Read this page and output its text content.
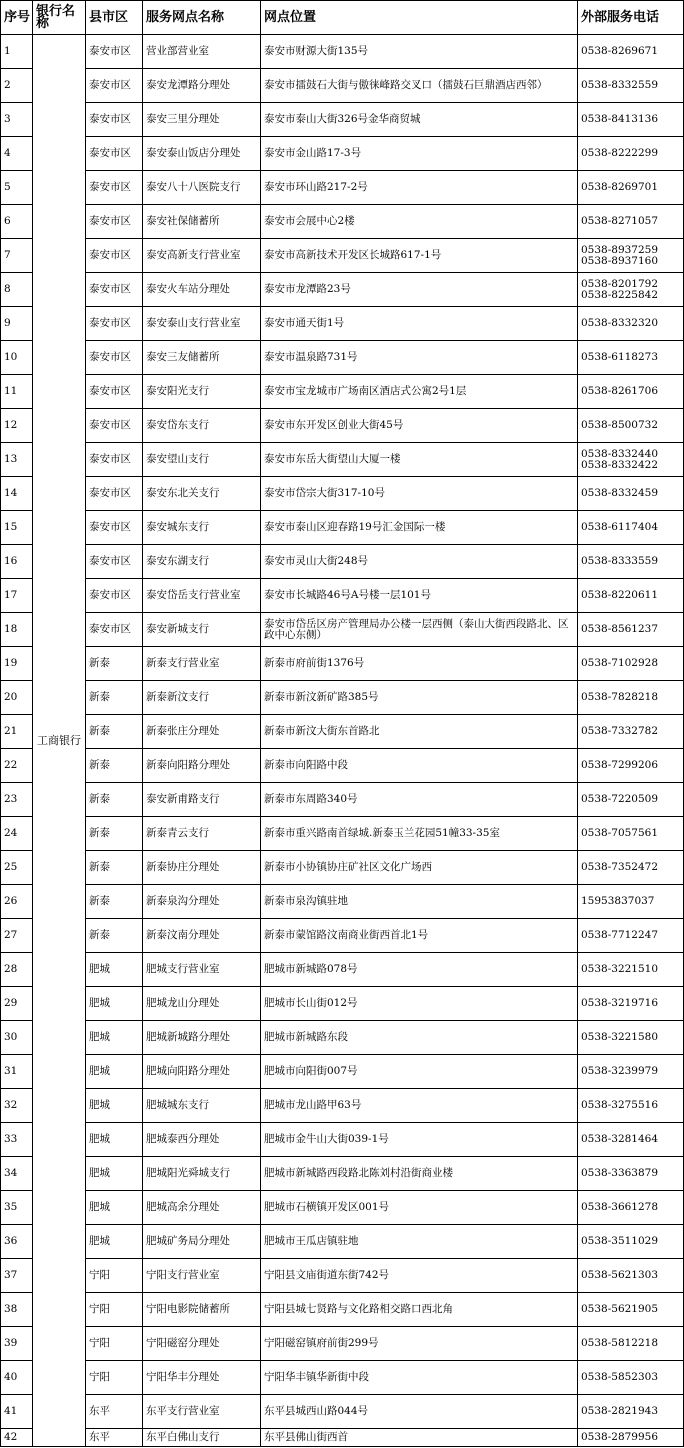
序号	银行名称	县市区	服务网点名称	网点位置	外部服务电话
1	工商银行	泰安市区	营业部营业室	泰安市财源大街135号	0538-8269671

2		泰安市区	泰安龙潭路分理处	泰安市擂鼓石大街与傲徕峰路交叉口（擂鼓石巨鼎酒店西邻）	0538-8332559

3		泰安市区	泰安三里分理处	泰安市泰山大街326号金华商贸城	0538-8413136

4		泰安市区	泰安泰山饭店分理处	泰安市金山路17-3号	0538-8222299

5		泰安市区	泰安八十八医院支行	泰安市环山路217-2号	0538-8269701

6		泰安市区	泰安社保储蓄所	泰安市会展中心2楼	0538-8271057

7		泰安市区	泰安高新支行营业室	泰安市高新技术开发区长城路617-1号	0538-8937259
0538-8937160

8		泰安市区	泰安火车站分理处	泰安市龙潭路23号	0538-8201792
0538-8225842

9		泰安市区	泰安泰山支行营业室	泰安市通天街1号	0538-8332320

10		泰安市区	泰安三友储蓄所	泰安市温泉路731号	0538-6118273

11		泰安市区	泰安阳光支行	泰安市宝龙城市广场南区酒店式公寓2号1层	0538-8261706

12		泰安市区	泰安岱东支行	泰安市东开发区创业大街45号	0538-8500732

13		泰安市区	泰安望山支行	泰安市东岳大街望山大厦一楼	0538-8332440
0538-8332422

14		泰安市区	泰安东北关支行	泰安市岱宗大街317-10号	0538-8332459

15		泰安市区	泰安城东支行	泰安市泰山区迎春路19号汇金国际一楼	0538-6117404

16		泰安市区	泰安东湖支行	泰安市灵山大街248号	0538-8333559

17		泰安市区	泰安岱岳支行营业室	泰安市长城路46号A号楼一层101号	0538-8220611

18		泰安市区	泰安新城支行	泰安市岱岳区房产管理局办公楼一层西侧（泰山大街西段路北、区政中心东侧）	0538-8561237

19		新泰	新泰支行营业室	新泰市府前街1376号	0538-7102928

20		新泰	新泰新汶支行	新泰市新汶新矿路385号	0538-7828218

21		新泰	新泰张庄分理处	新泰市新汶大街东首路北	0538-7332782

22		新泰	新泰向阳路分理处	新泰市向阳路中段	0538-7299206

23		新泰	泰安新甫路支行	新泰市东周路340号	0538-7220509

24		新泰	新泰青云支行	新泰市重兴路南首绿城.新泰玉兰花园51幢33-35室	0538-7057561

25		新泰	新泰协庄分理处	新泰市小协镇协庄矿社区文化广场西	0538-7352472

26		新泰	新泰泉沟分理处	新泰市泉沟镇驻地	15953837037

27		新泰	新泰汶南分理处	新泰市蒙馆路汶南商业街西首北1号	0538-7712247

28		肥城	肥城支行营业室	肥城市新城路078号	0538-3221510

29		肥城	肥城龙山分理处	肥城市长山街012号	0538-3219716

30		肥城	肥城新城路分理处	肥城市新城路东段	0538-3221580

31		肥城	肥城向阳路分理处	肥城市向阳街007号	0538-3239979

32		肥城	肥城城东支行	肥城市龙山路甲63号	0538-3275516

33		肥城	肥城泰西分理处	肥城市金牛山大街039-1号	0538-3281464

34		肥城	肥城阳光舜城支行	肥城市新城路西段路北陈刘村沿街商业楼	0538-3363879

35		肥城	肥城高余分理处	肥城市石横镇开发区001号	0538-3661278

36		肥城	肥城矿务局分理处	肥城市王瓜店镇驻地	0538-3511029

37		宁阳	宁阳支行营业室	宁阳县文庙街道东街742号	0538-5621303

38		宁阳	宁阳电影院储蓄所	宁阳县城七贤路与文化路相交路口西北角	0538-5621905

39		宁阳	宁阳磁窑分理处	宁阳磁窑镇府前街299号	0538-5812218

40		宁阳	宁阳华丰分理处	宁阳华丰镇华新街中段	0538-5852303

41		东平	东平支行营业室	东平县城西山路044号	0538-2821943

42		东平	东平白佛山支行	东平县佛山街西首	0538-2879956
